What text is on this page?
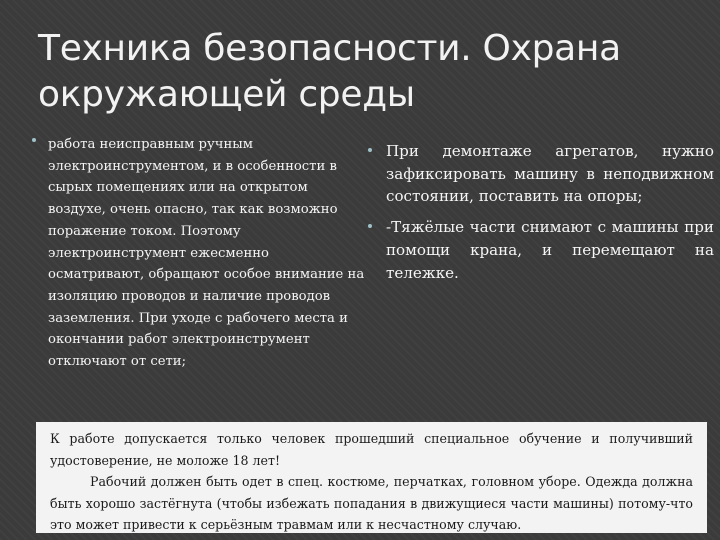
Техника безопасности. Охрана окружающей среды
работа неисправным ручным электроинструментом, и в особенности в сырых помещениях или на открытом воздухе, очень опасно, так как возможно поражение током. Поэтому электроинструмент ежесменно осматривают, обращают особое внимание на изоляцию проводов и наличие проводов заземления. При уходе с рабочего места и окончании работ электроинструмент отключают от сети;
При демонтаже агрегатов, нужно зафиксировать машину в неподвижном состоянии, поставить на опоры;
-Тяжёлые части снимают с машины при помощи крана, и перемещают на тележке.
К работе допускается только человек прошедший специальное обучение и получивший удостоверение, не моложе 18 лет!
Рабочий должен быть одет в спец. костюме, перчатках, головном уборе. Одежда должна быть хорошо застёгнута (чтобы избежать попадания в движущиеся части машины) потому-что это может привести к серьёзным травмам или к несчастному случаю.
